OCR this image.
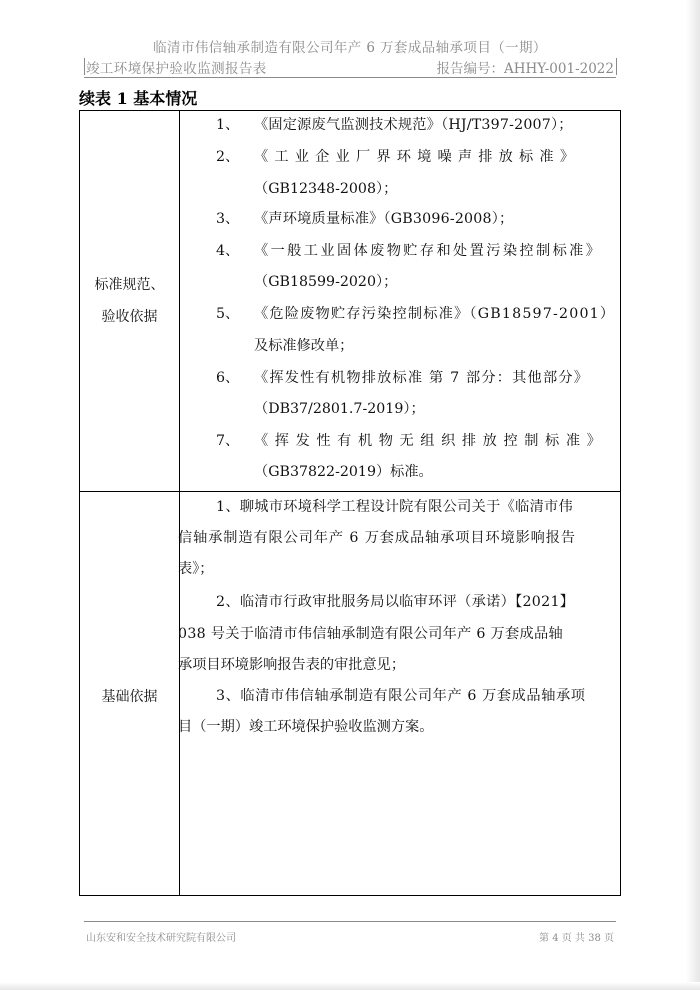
临清市伟信轴承制造有限公司年产 6 万套成品轴承项目（一期）
竣工环境保护验收监测报告表	报告编号：AHHY-001-2022
续表 1 基本情况
标准规范、
验收依据
基础依据
1、 《固定源废气监测技术规范》（HJ/T397-2007）；
2、 《工业企业厂界环境噪声排放标准》
（GB12348-2008）；
3、 《声环境质量标准》（GB3096-2008）；
4、 《一般工业固体废物贮存和处置污染控制标准》
（GB18599-2020）；
5、 《危险废物贮存污染控制标准》（GB18597-2001）
及标准修改单；
6、 《挥发性有机物排放标准 第 7 部分：其他部分》
（DB37/2801.7-2019）；
7、 《挥发性有机物无组织排放控制标准》
（GB37822-2019）标准。
1、聊城市环境科学工程设计院有限公司关于《临清市伟
信轴承制造有限公司年产 6 万套成品轴承项目环境影响报告
表》；
2、临清市行政审批服务局以临审环评（承诺）【2021】
038 号关于临清市伟信轴承制造有限公司年产 6 万套成品轴
承项目环境影响报告表的审批意见；
3、临清市伟信轴承制造有限公司年产 6 万套成品轴承项
目（一期）竣工环境保护验收监测方案。
山东安和安全技术研究院有限公司	第 4 页 共 38 页
